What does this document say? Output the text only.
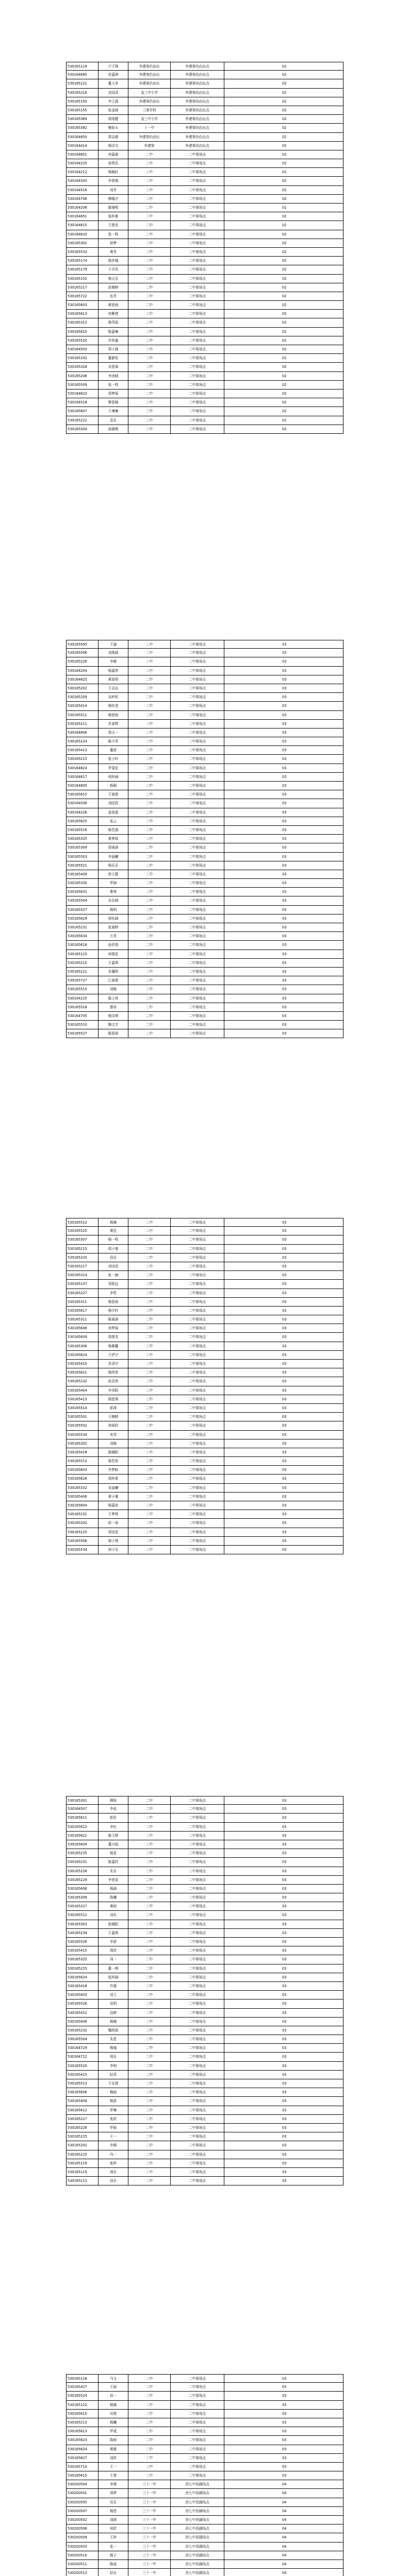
530165119	卢王锋	外建第仍由出	外建第仍由出点	02
530164665	范嘉琪	外建第仍由出	外建第仍由出点	02
530165121	董大卓	外建第仍由出	外建第仍由出点	02
530165216	刘双泽	金三中小学	外建第仍由出点	02
530165150	李之源	外建第仍由出	外建第仍由出点	02
530165155	张金涵	三第学校	外建第仍由出点	02
530165369	胡昊健	金三中小学	外建第仍由出点	02
530165382	梅如天	十一中	外建第仍由出点	02
530164650	周志超	外建第仍由出	外建第仍由出点	02
530164414	杨诗文	外建第	外建第仍由出点	02
530164601	何嘉豪	二中	二中第场点	02
530164225	孙铁浩	二中	二中第场点	02
530164212	杨翰轩	二中	二中第场点	02
530164343	李思翔	二中	二中第场点	02
530164516	刘冬	二中	二中第场点	02
530164706	柳城宇	二中	二中第场点	02
530164208	陈锦明	二中	二中第场点	02
530164651	张梓豪	二中	二中第场点	02
530164815	王俊杰	二中	二中第场点	02
530164633	张一鸣	二中	二中第场点	02
530165301	徐梦	二中	二中第场点	02
530165533	黄雪	二中	二中第场点	02
530165174	杨岁城	二中	二中第场点	02
530165179	王宇浩	二中	二中第场点	02
530165152	杨天乐	二中	二中第场点	02
530165217	赵婉婷	二中	二中第场点	02
530165722	伍青	二中	二中第场点	02
530165603	黄思雨	二中	二中第场点	02
530165613	何紫萱	二中	二中第场点	02
530165312	杨雪瑶	二中	二中第场点	02
530165610	陈嘉琳	二中	二中第场点	02
530165520	许欣瑜	二中	二中第场点	02
530164503	周子涵	二中	二中第场点	02
530165332	董静怡	二中	二中第场点	02
530165328	吴思睿	二中	二中第场点	02
530165208	李沐晴	二中	二中第场点	02
530165509	张一鸣	二中	二中第场点	02
530164623	周梦瑶	二中	二中第场点	02
530164518	黎思颖	二中	二中第场点	02
530165607	王琳琳	二中	二中第场点	02
530165222	袁乐	二中	二中第场点	02
530165304	孙晓萌	二中	二中第场点	02
530165505	王瑜	二中	二中第场点	03
530165506	刘俊涵	二中	二中第场点	03
530165226	李晴	二中	二中第场点	03
530164204	杨嘉伟	二中	二中第场点	03
530164825	黄思明	二中	二中第场点	03
530165202	王志远	二中	二中第场点	03
530165209	吴梓恒	二中	二中第场点	03
530165414	杨钰莹	二中	二中第场点	03
530165511	杨思雨	二中	二中第场点	03
530165211	肖家辉	二中	二中第场点	03
530164806	周天一	二中	二中第场点	03
530165224	陈小雪	二中	二中第场点	03
530165413	董舒	二中	二中第场点	03
530165213	张子轩	二中	二中第场点	03
530164824	罗雯佳	二中	二中第场点	03
530164617	何梓涵	二中	二中第场点	03
530164805	杨颖	二中	二中第场点	03
530165615	王雨萱	二中	二中第场点	03
530164508	刘佳欣	二中	二中第场点	03
530164226	姜思源	二中	二中第场点	03
530165625	张云	二中	二中第场点	03
530165516	杨若溪	二中	二中第场点	03
530165325	黄梦瑶	二中	二中第场点	03
530165309	周雨涵	二中	二中第场点	03
530165503	李晨曦	二中	二中第场点	03
530165521	杨乐乐	二中	二中第场点	03
530165409	徐立群	二中	二中第场点	03
530165330	罗涵	二中	二中第场点	03
530165631	曹林	二中	二中第场点	03
530165504	吴乐晴	二中	二中第场点	03
530165527	杨明	二中	二中第场点	03
530165629	徐钰涵	二中	二中第场点	03
530165231	张雨婷	二中	二中第场点	03
530165634	万青	二中	二中第场点	03
530165618	孙欣悦	二中	二中第场点	03
530165123	何俊辰	二中	二中第场点	03
530165210	王嘉琪	二中	二中第场点	03
530165221	朱镶珲	二中	二中第场点	03
530165727	江雨萱	二中	二中第场点	03
530165515	刘畅	二中	二中第场点	03
530164225	陈子昂	二中	二中第场点	03
530165518	黎卓	二中	二中第场点	03
530164705	杨诗琪	二中	二中第场点	03
530165510	陶文宇	二中	二中第场点	03
530165527	陈思雨	二中	二中第场点	03
530165512	杨琳	二中	二中第场点	03
530165525	黄佳	二中	二中第场点	03
530165307	杨一鸣	二中	二中第场点	03
530165215	周子豪	二中	二中第场点	03
530165233	孙岳	二中	二中第场点	03
530165217	刘诗语	二中	二中第场点	03
530165314	张一涵	二中	二中第场点	03
530165137	刘思远	二中	二中第场点	03
530165227	李哲	二中	二中第场点	03
530165311	杨思雨	二中	二中第场点	03
530165617	杨宇轩	二中	二中第场点	03
530165311	陈雨涵	二中	二中第场点	03
530165608	何梦瑶	二中	二中第场点	03
530165609	周俊杰	二中	二中第场点	03
530165306	杨雅馨	二中	二中第场点	03
530165624	王伊宁	二中	二中第场点	03
530165410	肖泽宇	二中	二中第场点	03
530165621	杨欣然	二中	二中第场点	03
530165232	赵浩然	二中	二中第场点	03
530165404	李沐阳	二中	二中第场点	03
530165413	杨思琪	二中	二中第场点	03
530165514	彭涛	二中	二中第场点	03
530165501	王婉婷	二中	二中第场点	03
530165502	何雨欣	二中	二中第场点	03
530165534	米雪	二中	二中第场点	03
530165302	刘畅	二中	二中第场点	03
530165418	陈晓阳	二中	二中第场点	03
530165513	杨若彤	二中	二中第场点	03
530165603	李梦晗	二中	二中第场点	03
530165628	周梓萱	二中	二中第场点	03
530165332	吴晨曦	二中	二中第场点	03
530165406	黄子墨	二中	二中第场点	03
530165604	杨嘉怡	二中	二中第场点	03
530165231	王梦琪	二中	二中第场点	03
530165202	赵一诺	二中	二中第场点	03
530165225	周佳怡	二中	二中第场点	03
530165506	杨子萱	二中	二中第场点	03
530165534	何子乐	二中	二中第场点	03
530165301	穆锐	二中	二中第场点	03
530164507	李延	二中	二中第场点	03
530165611	彭伦	二中	二中第场点	03
530165612	李红	二中	二中第场点	03
530165621	陈玉婷	二中	二中第场点	03
530165604	董兴瑶	二中	二中第场点	03
530165225	杨雯	二中	二中第场点	03
530165231	陈嘉欣	二中	二中第场点	03
530165228	朱乐	二中	二中第场点	03
530165229	李思语	二中	二中第场点	03
530165608	杨涵	二中	二中第场点	03
530165309	陈曦	二中	二中第场点	03
530165227	黄雨	二中	二中第场点	03
530165512	刘东	二中	二中第场点	03
530165303	彭晓阳	二中	二中第场点	03
530165234	王嘉琪	二中	二中第场点	03
530165526	李舒	二中	二中第场点	03
530165415	周欣	二中	二中第场点	03
530165325	刘一	二中	二中第场点	03
530165225	董一萌	二中	二中第场点	03
530165624	张梓涵	二中	二中第场点	03
530165418	许强	二中	二中第场点	03
530165403	刘玉	二中	二中第场点	03
530165526	吴明	二中	二中第场点	03
530165412	孙婷	二中	二中第场点	03
530165406	杨晓	二中	二中第场点	03
530165232	魏欣雨	二中	二中第场点	03
530165504	朱思	二中	二中第场点	03
530164729	杨城	二中	二中第场点	03
530164712	周乐	二中	二中第场点	03
530165520	李明	二中	二中第场点	03
530165415	赵菲	二中	二中第场点	03
530165513	王乐萱	二中	二中第场点	03
530165606	梅雨	二中	二中第场点	03
530165409	杨思	二中	二中第场点	03
530165612	罗琳	二中	二中第场点	03
530165227	张欣	二中	二中第场点	03
530165228	罗雨	二中	二中第场点	03
530165225	王一	二中	二中第场点	03
530165202	李晓	二中	二中第场点	03
530165225	冯一	二中	二中第场点	03
530165119	张梓	二中	二中第场点	03
530165119	周乐	二中	二中第场点	03
530165213	孙乐	二中	二中第场点	03
530165118	马文	二中	二中第场点	03
530165427	王雨	二中	二中第场点	03
530165524	孙一	二中	二中第场点	03
530165122	杨晓	二中	二中第场点	03
530165610	吴俊	二中	二中第场点	03
530165213	杨曦	二中	二中第场点	03
530165613	罗成	二中	二中第场点	03
530165623	陈雨	二中	二中第场点	03
530165624	黄雅	二中	二中第场点	03
530165627	刘欣	二中	二中第场点	03
530165714	王一	二中	二中第场点	03
530165615	王萱	二中	二中第场点	03
530200504	李俊	三十一中	西七中西湖场点	04
530200501	周梦	三十一中	西七中西湖场点	04
530200505	吴乐	三十一中	西七中西湖场点	04
530200507	杨思	三十一中	西七中西湖场点	04
530200502	刘涵	三十一中	西七中西湖场点	04
530200506	何欣	三十一中	西七中西湖场点	04
530200509	王梓	三十一中	西七中西湖场点	04
530200503	张一	三十一中	西七中西湖场点	04
530200510	杨子	三十一中	西七中西湖场点	04
530200511	陈晨	三十一中	西七中西湖场点	04
530200513	赵乐	三十一中	西七中西湖场点	04
